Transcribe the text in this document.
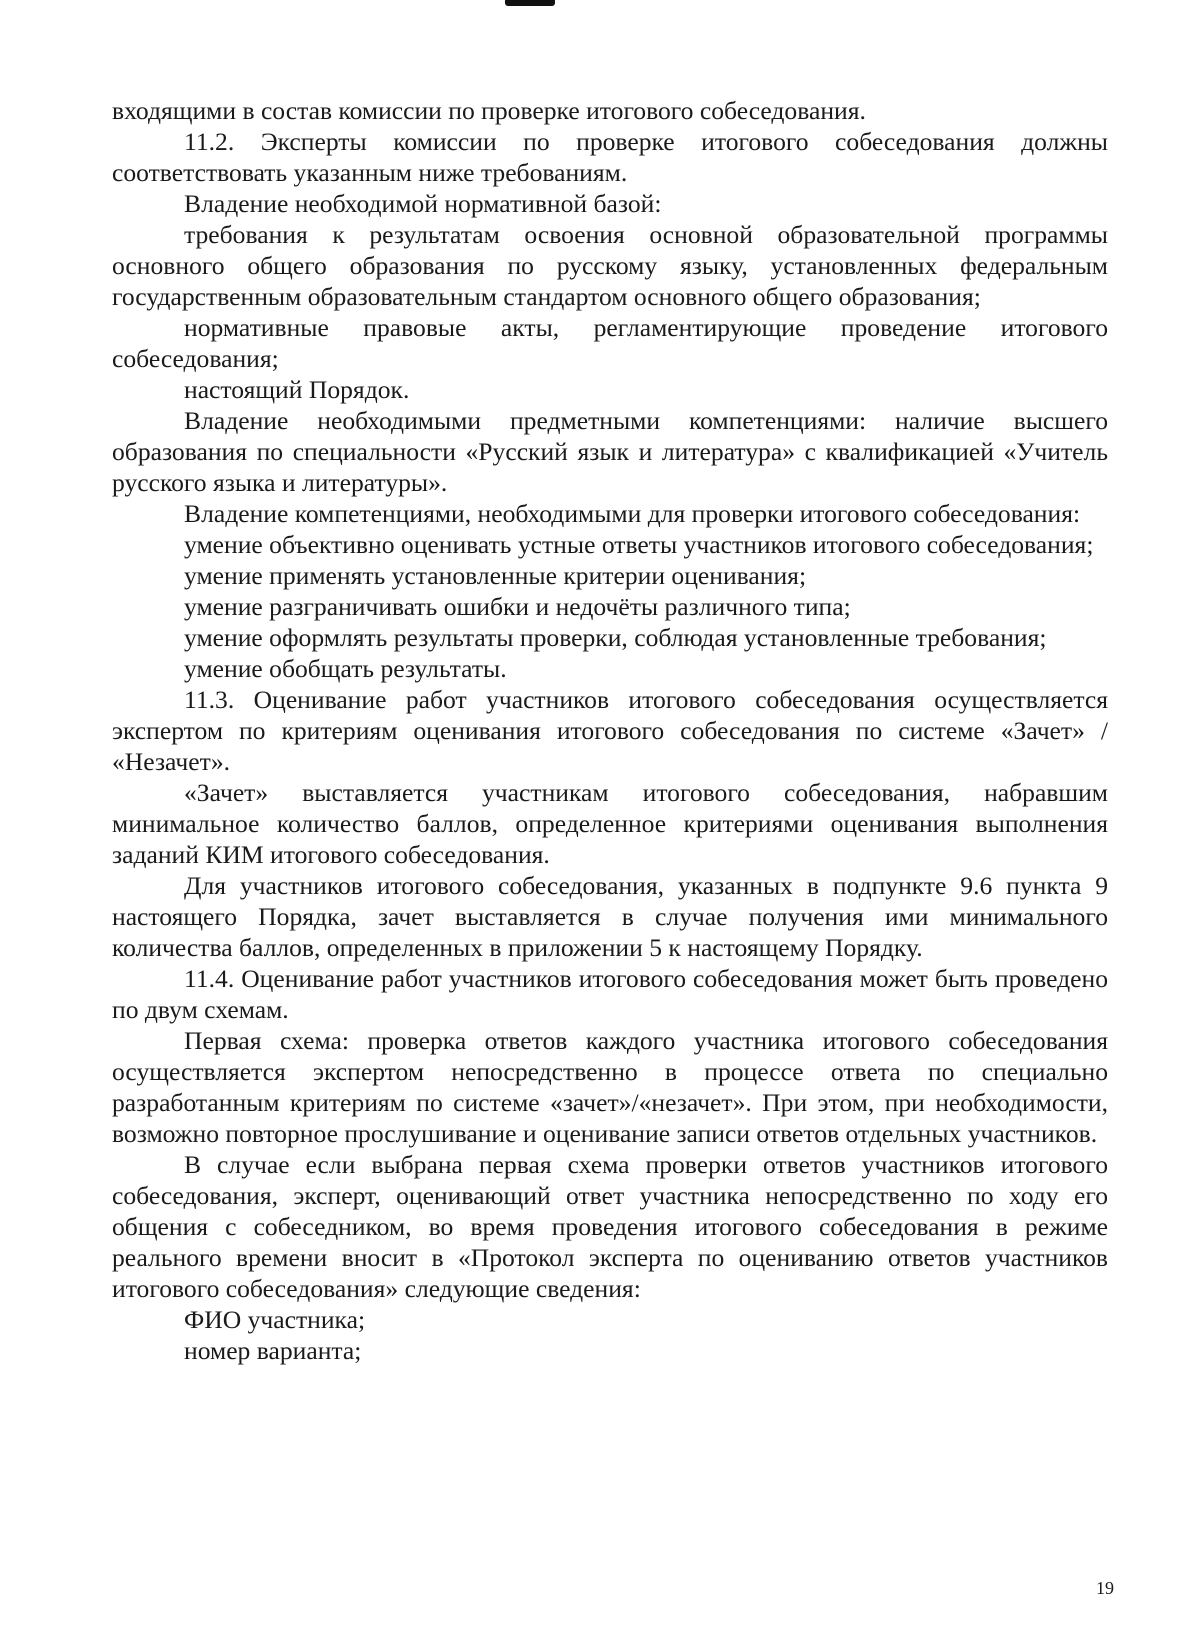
входящими в состав комиссии по проверке итогового собеседования.

11.2. Эксперты комиссии по проверке итогового собеседования должны соответствовать указанным ниже требованиям.

Владение необходимой нормативной базой:

требования к результатам освоения основной образовательной программы основного общего образования по русскому языку, установленных федеральным государственным образовательным стандартом основного общего образования;

нормативные правовые акты, регламентирующие проведение итогового собеседования;

настоящий Порядок.

Владение необходимыми предметными компетенциями: наличие высшего образования по специальности «Русский язык и литература» с квалификацией «Учитель русского языка и литературы».

Владение компетенциями, необходимыми для проверки итогового собеседования:

умение объективно оценивать устные ответы участников итогового собеседования;

умение применять установленные критерии оценивания;

умение разграничивать ошибки и недочёты различного типа;

умение оформлять результаты проверки, соблюдая установленные требования;

умение обобщать результаты.

11.3. Оценивание работ участников итогового собеседования осуществляется экспертом по критериям оценивания итогового собеседования по системе «Зачет» / «Незачет».

«Зачет» выставляется участникам итогового собеседования, набравшим минимальное количество баллов, определенное критериями оценивания выполнения заданий КИМ итогового собеседования.

Для участников итогового собеседования, указанных в подпункте 9.6 пункта 9 настоящего Порядка, зачет выставляется в случае получения ими минимального количества баллов, определенных в приложении 5 к настоящему Порядку.

11.4. Оценивание работ участников итогового собеседования может быть проведено по двум схемам.

Первая схема: проверка ответов каждого участника итогового собеседования осуществляется экспертом непосредственно в процессе ответа по специально разработанным критериям по системе «зачет»/«незачет». При этом, при необходимости, возможно повторное прослушивание и оценивание записи ответов отдельных участников.

В случае если выбрана первая схема проверки ответов участников итогового собеседования, эксперт, оценивающий ответ участника непосредственно по ходу его общения с собеседником, во время проведения итогового собеседования в режиме реального времени вносит в «Протокол эксперта по оцениванию ответов участников итогового собеседования» следующие сведения:

ФИО участника;

номер варианта;

19
